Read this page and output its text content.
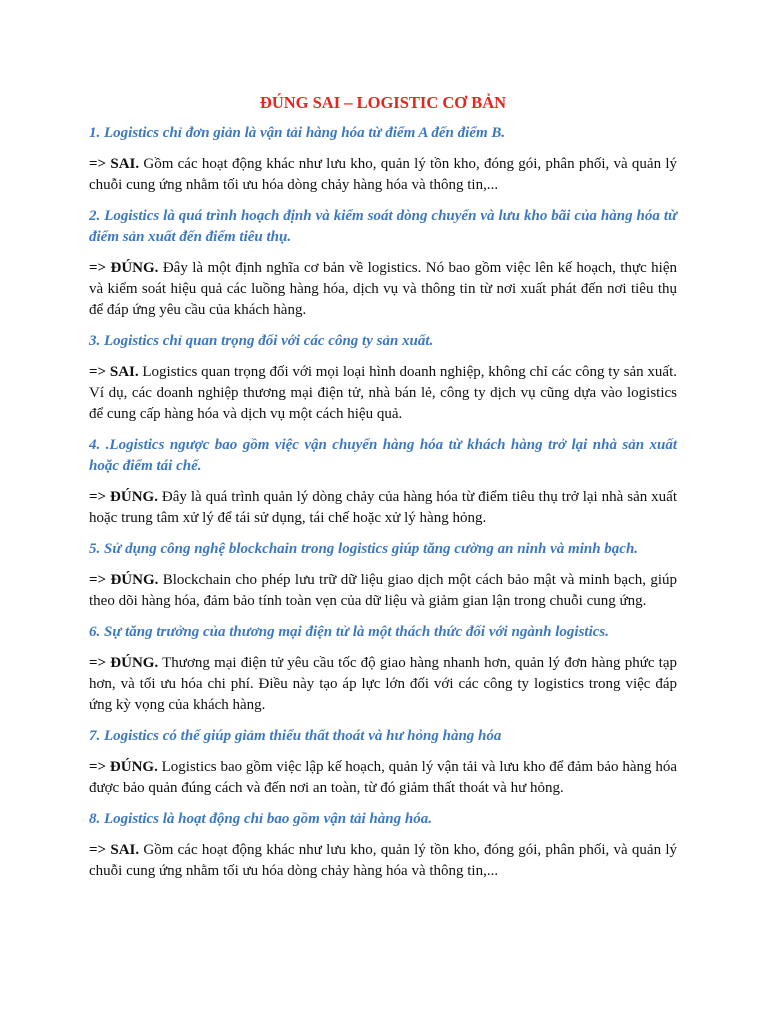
ĐÚNG SAI – LOGISTIC CƠ BẢN

1. Logistics chỉ đơn giản là vận tải hàng hóa từ điểm A đến điểm B.

=> SAI. Gồm các hoạt động khác như lưu kho, quản lý tồn kho, đóng gói, phân phối, và quản lý chuỗi cung ứng nhằm tối ưu hóa dòng chảy hàng hóa và thông tin,...

2. Logistics là quá trình hoạch định và kiểm soát dòng chuyển và lưu kho bãi của hàng hóa từ điểm sản xuất đến điểm tiêu thụ.

=> ĐÚNG. Đây là một định nghĩa cơ bản về logistics. Nó bao gồm việc lên kế hoạch, thực hiện và kiểm soát hiệu quả các luồng hàng hóa, dịch vụ và thông tin từ nơi xuất phát đến nơi tiêu thụ để đáp ứng yêu cầu của khách hàng.

3. Logistics chỉ quan trọng đối với các công ty sản xuất.

=> SAI. Logistics quan trọng đối với mọi loại hình doanh nghiệp, không chỉ các công ty sản xuất. Ví dụ, các doanh nghiệp thương mại điện tử, nhà bán lẻ, công ty dịch vụ cũng dựa vào logistics để cung cấp hàng hóa và dịch vụ một cách hiệu quả.

4. .Logistics ngược bao gồm việc vận chuyển hàng hóa từ khách hàng trở lại nhà sản xuất hoặc điểm tái chế.

=> ĐÚNG. Đây là quá trình quản lý dòng chảy của hàng hóa từ điểm tiêu thụ trở lại nhà sản xuất hoặc trung tâm xử lý để tái sử dụng, tái chế hoặc xử lý hàng hỏng.

5. Sử dụng công nghệ blockchain trong logistics giúp tăng cường an ninh và minh bạch.

=> ĐÚNG. Blockchain cho phép lưu trữ dữ liệu giao dịch một cách bảo mật và minh bạch, giúp theo dõi hàng hóa, đảm bảo tính toàn vẹn của dữ liệu và giảm gian lận trong chuỗi cung ứng.

6. Sự tăng trưởng của thương mại điện tử là một thách thức đối với ngành logistics.

=> ĐÚNG. Thương mại điện tử yêu cầu tốc độ giao hàng nhanh hơn, quản lý đơn hàng phức tạp hơn, và tối ưu hóa chi phí. Điều này tạo áp lực lớn đối với các công ty logistics trong việc đáp ứng kỳ vọng của khách hàng.

7. Logistics có thể giúp giảm thiểu thất thoát và hư hỏng hàng hóa

=> ĐÚNG. Logistics bao gồm việc lập kế hoạch, quản lý vận tải và lưu kho để đảm bảo hàng hóa được bảo quản đúng cách và đến nơi an toàn, từ đó giảm thất thoát và hư hỏng.

8. Logistics là hoạt động chỉ bao gồm vận tải hàng hóa.

=> SAI. Gồm các hoạt động khác như lưu kho, quản lý tồn kho, đóng gói, phân phối, và quản lý chuỗi cung ứng nhằm tối ưu hóa dòng chảy hàng hóa và thông tin,...
